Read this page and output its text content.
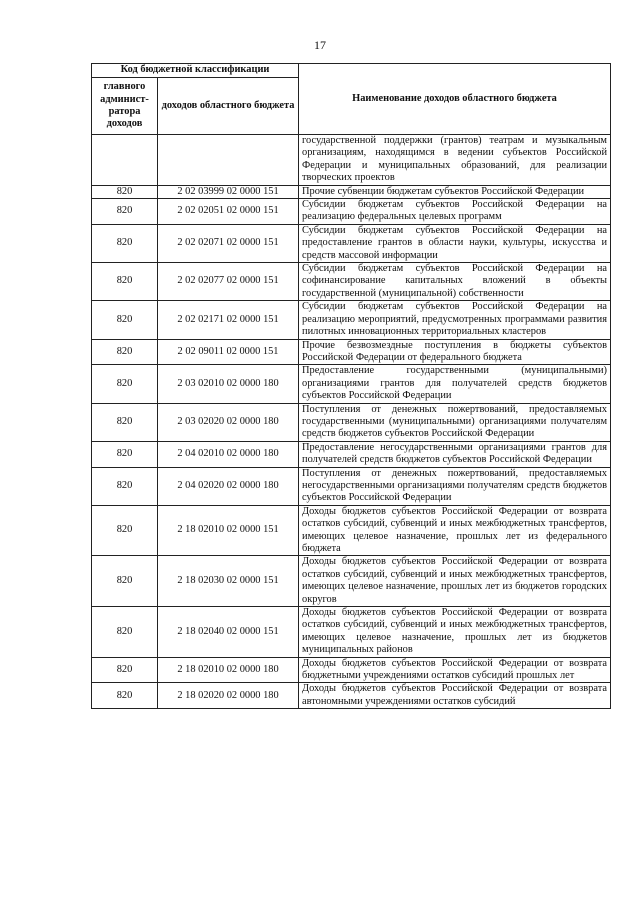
17
Код бюджетной классификации		Наименование доходов областного бюджета
главного админист-ратора доходов	доходов областного бюджета	
		государственной поддержки (грантов) театрам и музыкальным организациям, находящимся в ведении субъектов Российской Федерации и муниципальных образований, для реализации творческих проектов
820	2 02 03999 02 0000 151	Прочие субвенции бюджетам субъектов Российской Федерации
820	2 02 02051 02 0000 151	Субсидии бюджетам субъектов Российской Федерации на реализацию федеральных целевых программ
820	2 02 02071 02 0000 151	Субсидии бюджетам субъектов Российской Федерации на предоставление грантов в области науки, культуры, искусства и средств массовой информации
820	2 02 02077 02 0000 151	Субсидии бюджетам субъектов Российской Федерации на софинансирование капитальных вложений в объекты государственной (муниципальной) собственности
820	2 02 02171 02 0000 151	Субсидии бюджетам субъектов Российской Федерации на реализацию мероприятий, предусмотренных программами развития пилотных инновационных территориальных кластеров
820	2 02 09011 02 0000 151	Прочие безвозмездные поступления в бюджеты субъектов Российской Федерации от федерального бюджета
820	2 03 02010 02 0000 180	Предоставление государственными (муниципальными) организациями грантов для получателей средств бюджетов субъектов Российской Федерации
820	2 03 02020 02 0000 180	Поступления от денежных пожертвований, предоставляемых государственными (муниципальными) организациями получателям средств бюджетов субъектов Российской Федерации
820	2 04 02010 02 0000 180	Предоставление негосударственными организациями грантов для получателей средств бюджетов субъектов Российской Федерации
820	2 04 02020 02 0000 180	Поступления от денежных пожертвований, предоставляемых негосударственными организациями получателям средств бюджетов субъектов Российской Федерации
820	2 18 02010 02 0000 151	Доходы бюджетов субъектов Российской Федерации от возврата остатков субсидий, субвенций и иных межбюджетных трансфертов, имеющих целевое назначение, прошлых лет из федерального бюджета
820	2 18 02030 02 0000 151	Доходы бюджетов субъектов Российской Федерации от возврата остатков субсидий, субвенций и иных межбюджетных трансфертов, имеющих целевое назначение, прошлых лет из бюджетов городских округов
820	2 18 02040 02 0000 151	Доходы бюджетов субъектов Российской Федерации от возврата остатков субсидий, субвенций и иных межбюджетных трансфертов, имеющих целевое назначение, прошлых лет из бюджетов муниципальных районов
820	2 18 02010 02 0000 180	Доходы бюджетов субъектов Российской Федерации от возврата бюджетными учреждениями остатков субсидий прошлых лет
820	2 18 02020 02 0000 180	Доходы бюджетов субъектов Российской Федерации от возврата автономными учреждениями остатков субсидий
